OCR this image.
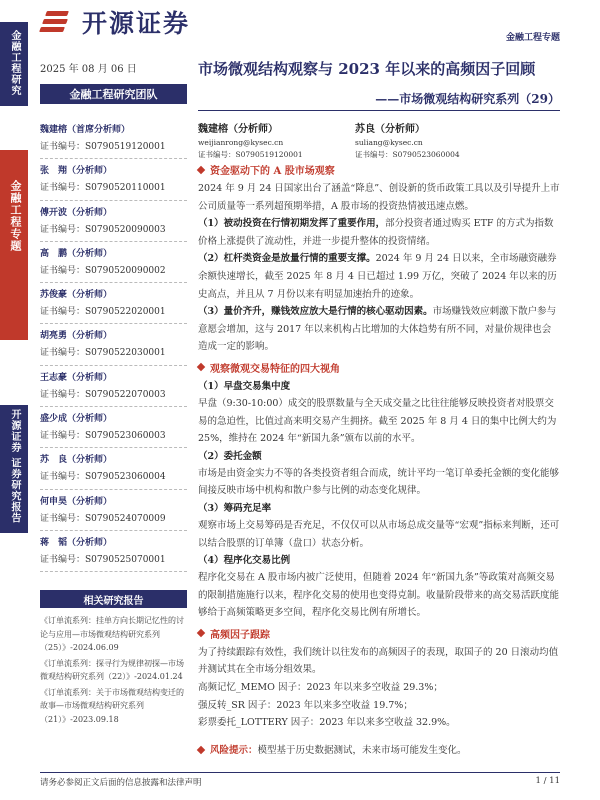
开源证券	金融工程专题
金融工程研究
金融工程专题
开源证券 证券研究报告
2025 年 08 月 06 日	市场微观结构观察与 2023 年以来的高频因子回顾
——市场微观结构研究系列（29）
金融工程研究团队
魏建榕（首席分析师）
证书编号：S0790519120001
张　翔（分析师）
证书编号：S0790520110001
傅开波（分析师）
证书编号：S0790520090003
高　鹏（分析师）
证书编号：S0790520090002
苏俊豪（分析师）
证书编号：S0790522020001
胡亮勇（分析师）
证书编号：S0790522030001
王志豪（分析师）
证书编号：S0790522070003
盛少成（分析师）
证书编号：S0790523060003
苏　良（分析师）
证书编号：S0790523060004
何申昊（分析师）
证书编号：S0790524070009
蒋　韬（分析师）
证书编号：S0790525070001
相关研究报告
《订单流系列：挂单方向长期记忆性的讨论与应用—市场微观结构研究系列（25）》-2024.06.09
《订单流系列：探寻行为规律初探—市场微观结构研究系列（22）》-2024.01.24
《订单流系列：关于市场微观结构变迁的故事—市场微观结构研究系列（21）》-2023.09.18
魏建榕（分析师）
weijianrong@kysec.cn
证书编号：S0790519120001
苏良（分析师）
suliang@kysec.cn
证书编号：S0790523060004
资金驱动下的 A 股市场观察
2024 年 9 月 24 日国家出台了涵盖“降息”、创设新的货币政策工具以及引导提升上市公司质量等一系列超预期举措，A 股市场的投资热情被迅速点燃。
（1）被动投资在行情初期发挥了重要作用，部分投资者通过购买 ETF 的方式为指数价格上涨提供了流动性，并进一步提升整体的投资情绪。
（2）杠杆类资金是放量行情的重要支撑。2024 年 9 月 24 日以来，全市场融资融券余额快速增长，截至 2025 年 8 月 4 日已超过 1.99 万亿，突破了 2024 年以来的历史高点，并且从 7 月份以来有明显加速抬升的迹象。
（3）量价齐升，赚钱效应放大是行情的核心驱动因素。市场赚钱效应刺激下散户参与意愿会增加，这与 2017 年以来机构占比增加的大体趋势有所不同，对量价规律也会造成一定的影响。
观察微观交易特征的四大视角
（1）早盘交易集中度
早盘（9:30-10:00）成交的股票数量与全天成交量之比往往能够反映投资者对股票交易的急迫性，比值过高来明交易产生拥挤。截至 2025 年 8 月 4 日的集中比例大约为 25%，维持在 2024 年“新国九条”颁布以前的水平。
（2）委托金额
市场是由资金实力不等的各类投资者组合而成，统计平均一笔订单委托金额的变化能够间接反映市场中机构和散户参与比例的动态变化规律。
（3）筹码充足率
观察市场上交易筹码是否充足，不仅仅可以从市场总成交量等“宏观”指标来判断，还可以结合股票的订单簿（盘口）状态分析。
（4）程序化交易比例
程序化交易在 A 股市场内被广泛使用，但随着 2024 年“新国九条”等政策对高频交易的限制措施施行以来，程序化交易的使用也变得克制。收量阶段带来的高交易活跃度能够给于高频策略更多空间，程序化交易比例有所增长。
高频因子跟踪
为了持续跟踪有效性，我们统计以往发布的高频因子的表现，取国子的 20 日滚动均值并测试其在全市场分组效果。
高频记忆_MEMO 因子：2023 年以来多空收益 29.3%；
强反转_SR 因子：2023 年以来多空收益 19.7%；
彩票委托_LOTTERY 因子：2023 年以来多空收益 32.9%。
风险提示：模型基于历史数据测试，未来市场可能发生变化。
请务必参阅正文后面的信息披露和法律声明	1 / 11
